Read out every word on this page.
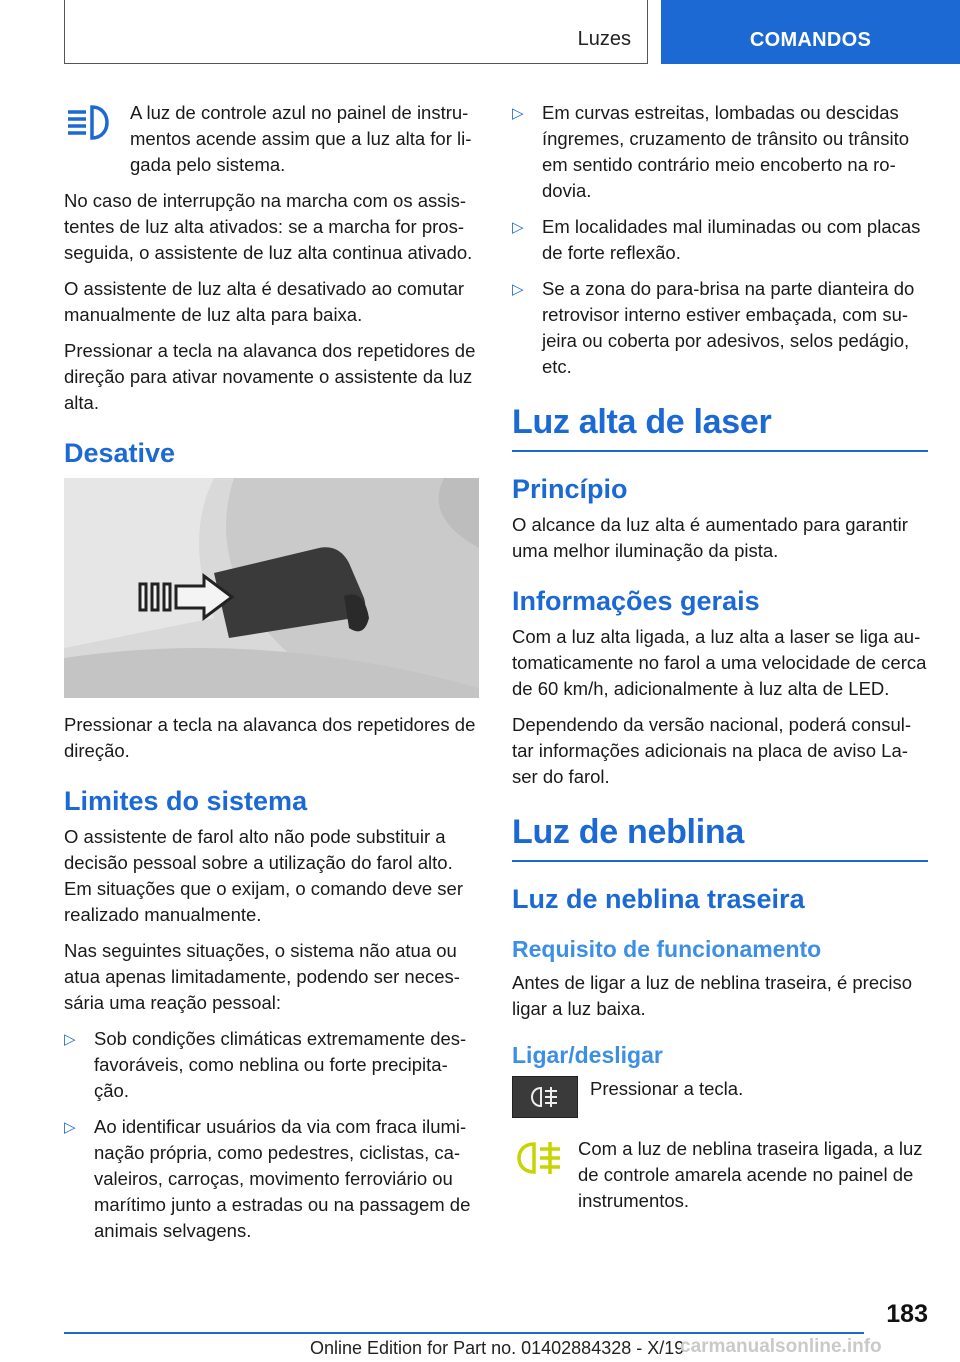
Luzes	COMANDOS
A luz de controle azul no painel de instru-mentos acende assim que a luz alta for li-gada pelo sistema.

No caso de interrupção na marcha com os assis-tentes de luz alta ativados: se a marcha for pros-seguida, o assistente de luz alta continua ativado.

O assistente de luz alta é desativado ao comutar manualmente de luz alta para baixa.

Pressionar a tecla na alavanca dos repetidores de direção para ativar novamente o assistente da luz alta.

Desative

Pressionar a tecla na alavanca dos repetidores de direção.

Limites do sistema

O assistente de farol alto não pode substituir a decisão pessoal sobre a utilização do farol alto. Em situações que o exijam, o comando deve ser realizado manualmente.

Nas seguintes situações, o sistema não atua ou atua apenas limitadamente, podendo ser neces-sária uma reação pessoal:

▷ Sob condições climáticas extremamente des-favoráveis, como neblina ou forte precipita-ção.
▷ Ao identificar usuários da via com fraca ilumi-nação própria, como pedestres, ciclistas, ca-valeiros, carroças, movimento ferroviário ou marítimo junto a estradas ou na passagem de animais selvagens.
▷ Em curvas estreitas, lombadas ou descidas íngremes, cruzamento de trânsito ou trânsito em sentido contrário meio encoberto na ro-dovia.
▷ Em localidades mal iluminadas ou com placas de forte reflexão.
▷ Se a zona do para-brisa na parte dianteira do retrovisor interno estiver embaçada, com su-jeira ou coberta por adesivos, selos pedágio, etc.
Luz alta de laser
Princípio

O alcance da luz alta é aumentado para garantir uma melhor iluminação da pista.

Informações gerais

Com a luz alta ligada, a luz alta a laser se liga au-tomaticamente no farol a uma velocidade de cerca de 60 km/h, adicionalmente à luz alta de LED.

Dependendo da versão nacional, poderá consul-tar informações adicionais na placa de aviso La-ser do farol.

Luz de neblina
Luz de neblina traseira
Requisito de funcionamento

Antes de ligar a luz de neblina traseira, é preciso ligar a luz baixa.

Ligar/desligar
Pressionar a tecla.
Com a luz de neblina traseira ligada, a luz de controle amarela acende no painel de instrumentos.
183
Online Edition for Part no. 01402884328 - X/19
carmanualsonline.info
